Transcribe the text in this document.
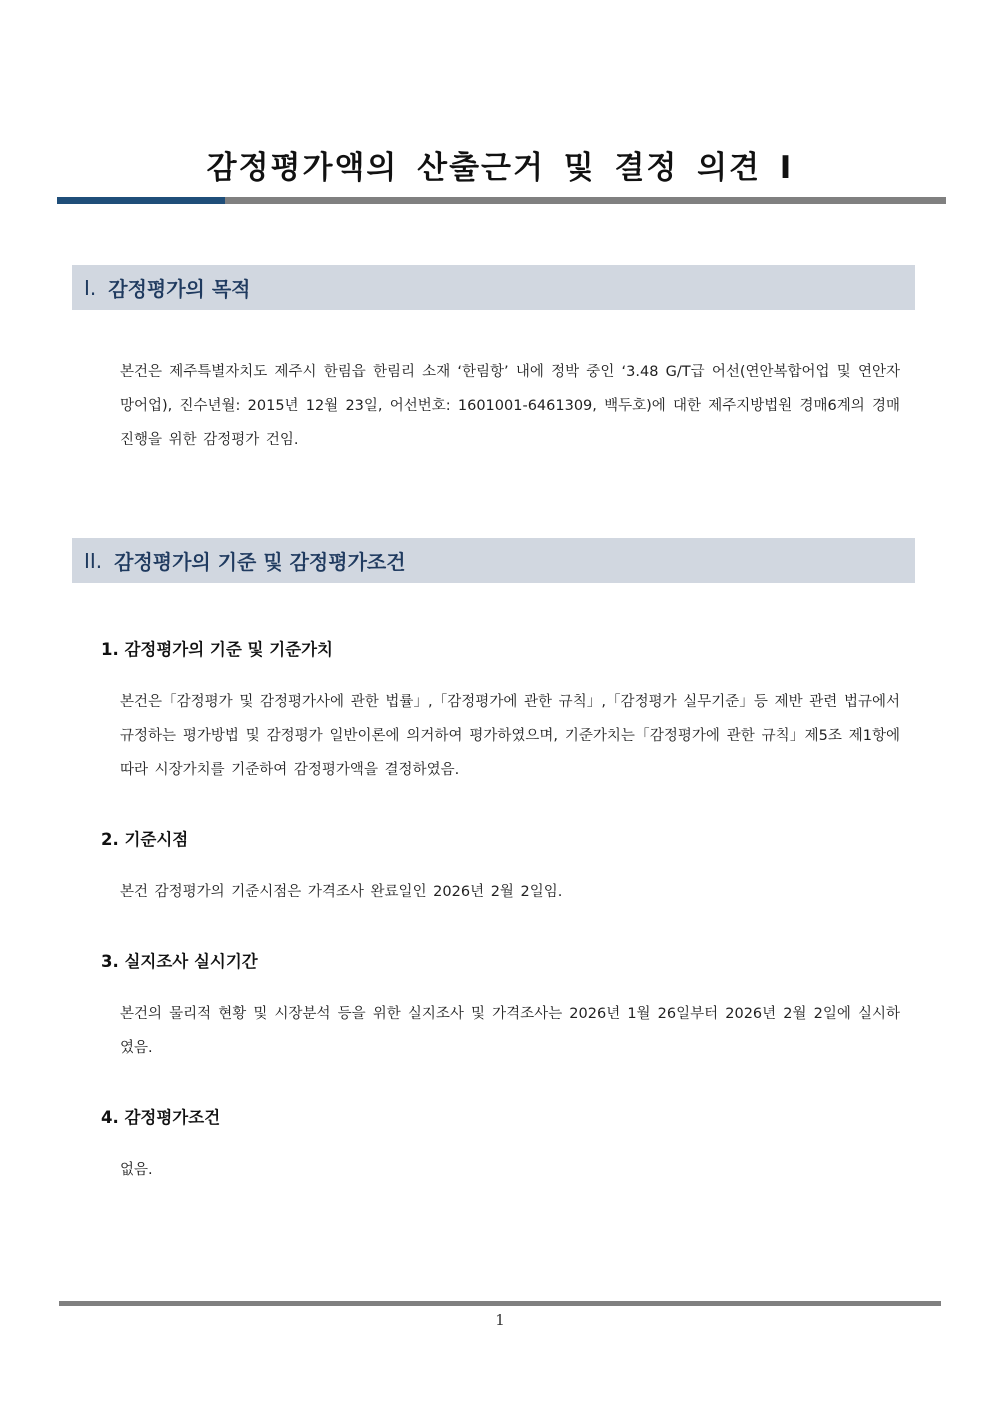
감정평가액의 산출근거 및 결정 의견 I
I. 감정평가의 목적
본건은 제주특별자치도 제주시 한림읍 한림리 소재 ‘한림항’ 내에 정박 중인 ‘3.48 G/T급 어선(연안복합어업 및 연안자망어업), 진수년월: 2015년 12월 23일, 어선번호: 1601001-6461309, 백두호)에 대한 제주지방법원 경매6계의 경매 진행을 위한 감정평가 건임.
II. 감정평가의 기준 및 감정평가조건
1. 감정평가의 기준 및 기준가치
본건은「감정평가 및 감정평가사에 관한 법률」,「감정평가에 관한 규칙」,「감정평가 실무기준」등 제반 관련 법규에서 규정하는 평가방법 및 감정평가 일반이론에 의거하여 평가하였으며, 기준가치는「감정평가에 관한 규칙」제5조 제1항에 따라 시장가치를 기준하여 감정평가액을 결정하였음.
2. 기준시점
본건 감정평가의 기준시점은 가격조사 완료일인 2026년 2월 2일임.
3. 실지조사 실시기간
본건의 물리적 현황 및 시장분석 등을 위한 실지조사 및 가격조사는 2026년 1월 26일부터 2026년 2월 2일에 실시하였음.
4. 감정평가조건
없음.
1
